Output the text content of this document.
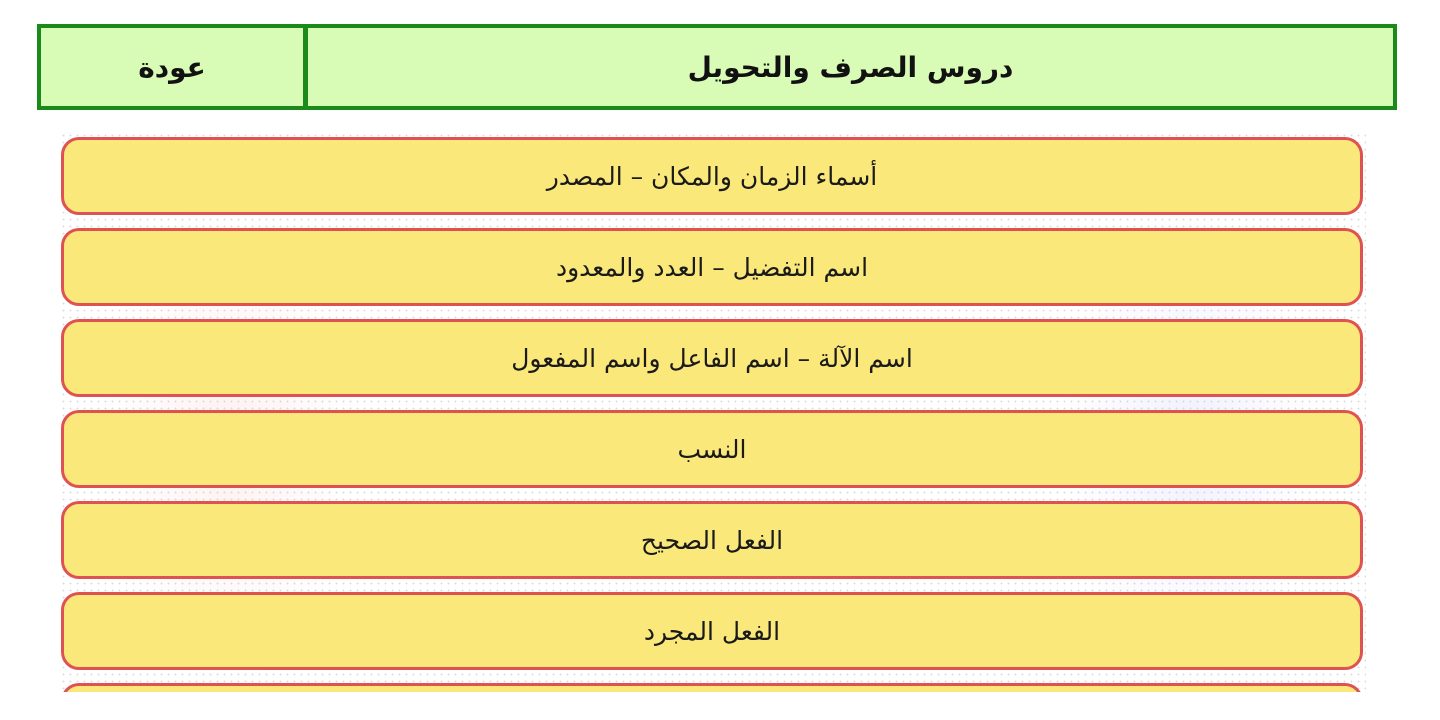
عودة	دروس الصرف والتحويل
أسماء الزمان والمكان – المصدر
اسم التفضيل – العدد والمعدود
اسم الآلة – اسم الفاعل واسم المفعول
النسب
الفعل الصحيح
الفعل المجرد
